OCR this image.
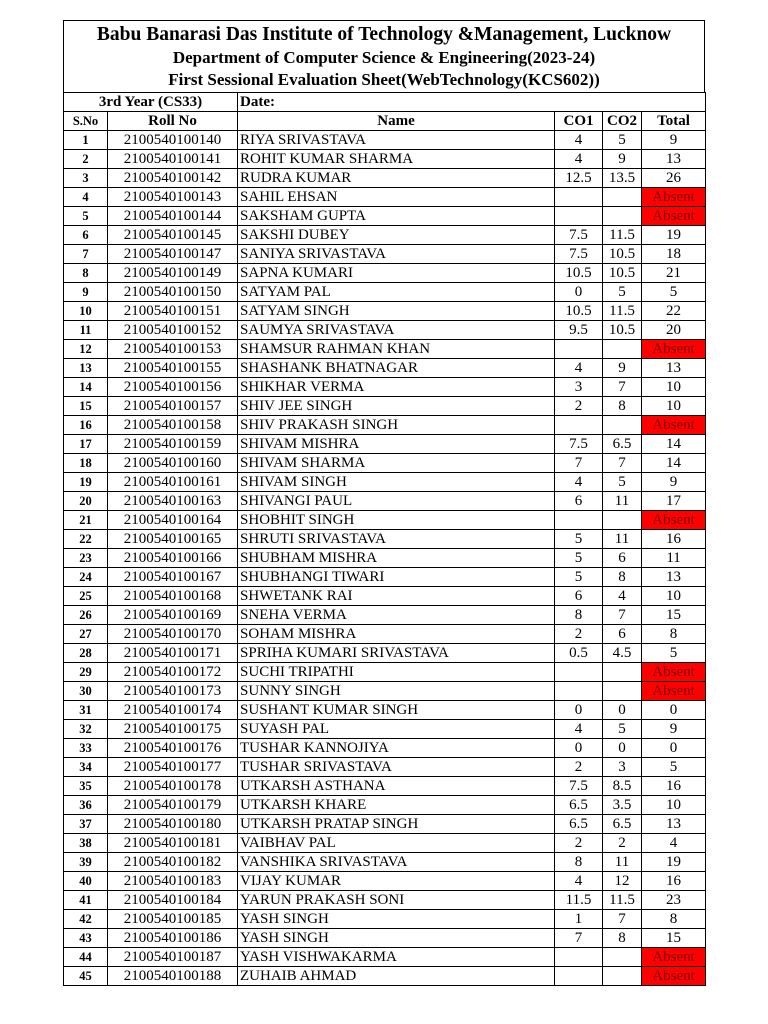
Babu Banarasi Das Institute of Technology &Management, Lucknow
Department of Computer Science & Engineering(2023-24)
First Sessional Evaluation Sheet(WebTechnology(KCS602))
3rd Year (CS33)		Date:			
S.No	Roll No	Name	CO1	CO2	Total
1	2100540100140	RIYA SRIVASTAVA	4	5	9
2	2100540100141	ROHIT KUMAR SHARMA	4	9	13
3	2100540100142	RUDRA KUMAR	12.5	13.5	26
4	2100540100143	SAHIL EHSAN			Absent
5	2100540100144	SAKSHAM GUPTA			Absent
6	2100540100145	SAKSHI DUBEY	7.5	11.5	19
7	2100540100147	SANIYA SRIVASTAVA	7.5	10.5	18
8	2100540100149	SAPNA KUMARI	10.5	10.5	21
9	2100540100150	SATYAM PAL	0	5	5
10	2100540100151	SATYAM SINGH	10.5	11.5	22
11	2100540100152	SAUMYA SRIVASTAVA	9.5	10.5	20
12	2100540100153	SHAMSUR RAHMAN KHAN			Absent
13	2100540100155	SHASHANK BHATNAGAR	4	9	13
14	2100540100156	SHIKHAR VERMA	3	7	10
15	2100540100157	SHIV JEE SINGH	2	8	10
16	2100540100158	SHIV PRAKASH SINGH			Absent
17	2100540100159	SHIVAM MISHRA	7.5	6.5	14
18	2100540100160	SHIVAM SHARMA	7	7	14
19	2100540100161	SHIVAM SINGH	4	5	9
20	2100540100163	SHIVANGI PAUL	6	11	17
21	2100540100164	SHOBHIT SINGH			Absent
22	2100540100165	SHRUTI SRIVASTAVA	5	11	16
23	2100540100166	SHUBHAM MISHRA	5	6	11
24	2100540100167	SHUBHANGI TIWARI	5	8	13
25	2100540100168	SHWETANK RAI	6	4	10
26	2100540100169	SNEHA VERMA	8	7	15
27	2100540100170	SOHAM MISHRA	2	6	8
28	2100540100171	SPRIHA KUMARI SRIVASTAVA	0.5	4.5	5
29	2100540100172	SUCHI TRIPATHI			Absent
30	2100540100173	SUNNY SINGH			Absent
31	2100540100174	SUSHANT KUMAR SINGH	0	0	0
32	2100540100175	SUYASH PAL	4	5	9
33	2100540100176	TUSHAR KANNOJIYA	0	0	0
34	2100540100177	TUSHAR SRIVASTAVA	2	3	5
35	2100540100178	UTKARSH ASTHANA	7.5	8.5	16
36	2100540100179	UTKARSH KHARE	6.5	3.5	10
37	2100540100180	UTKARSH PRATAP SINGH	6.5	6.5	13
38	2100540100181	VAIBHAV PAL	2	2	4
39	2100540100182	VANSHIKA SRIVASTAVA	8	11	19
40	2100540100183	VIJAY KUMAR	4	12	16
41	2100540100184	YARUN PRAKASH SONI	11.5	11.5	23
42	2100540100185	YASH SINGH	1	7	8
43	2100540100186	YASH SINGH	7	8	15
44	2100540100187	YASH VISHWAKARMA			Absent
45	2100540100188	ZUHAIB AHMAD			Absent
